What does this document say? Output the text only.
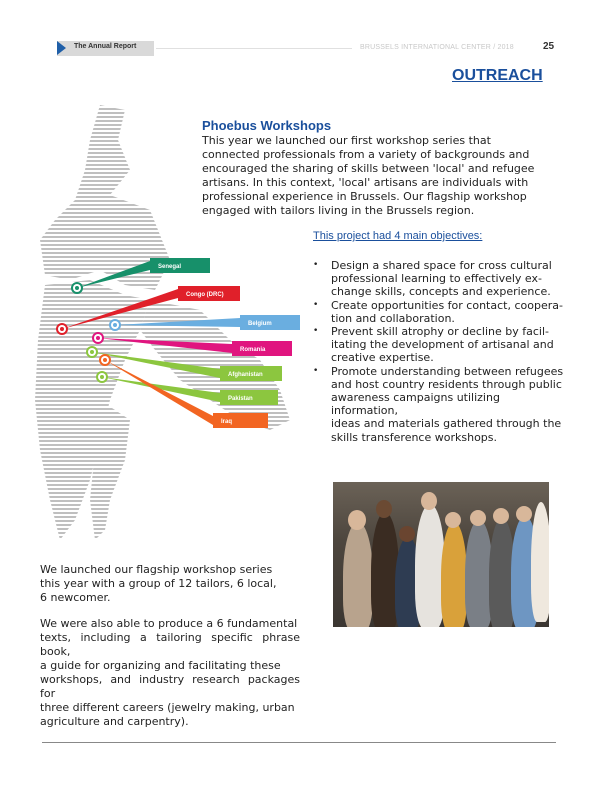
The Annual Report	BRUSSELS INTERNATIONAL CENTER / 2018	25
OUTREACH
Senegal
Congo (DRC)
Belgium
Romania
Afghanistan
Pakistan
Iraq
Phoebus Workshops

This year we launched our first workshop series that
connected professionals from a variety of backgrounds and
encouraged the sharing of skills between 'local' and refugee
artisans. In this context, 'local' artisans are individuals with
professional experience in Brussels. Our flagship workshop
engaged with tailors living in the Brussels region.

This project had 4 main objectives:
• Design a shared space for cross cultural
professional learning to effectively ex-
change skills, concepts and experience.
• Create opportunities for contact, coopera-
tion and collaboration.
• Prevent skill atrophy or decline by facil-
itating the development of artisanal and
creative expertise.
• Promote understanding between refugees
and host country residents through public
awareness campaigns utilizing information,
ideas and materials gathered through the
skills transference workshops.

We launched our flagship workshop series
this year with a group of 12 tailors, 6 local,
6 newcomer.

We were also able to produce a 6 fundamental
texts, including a tailoring specific phrase book,
a guide for organizing and facilitating these
workshops, and industry research packages for
three different careers (jewelry making, urban
agriculture and carpentry).
